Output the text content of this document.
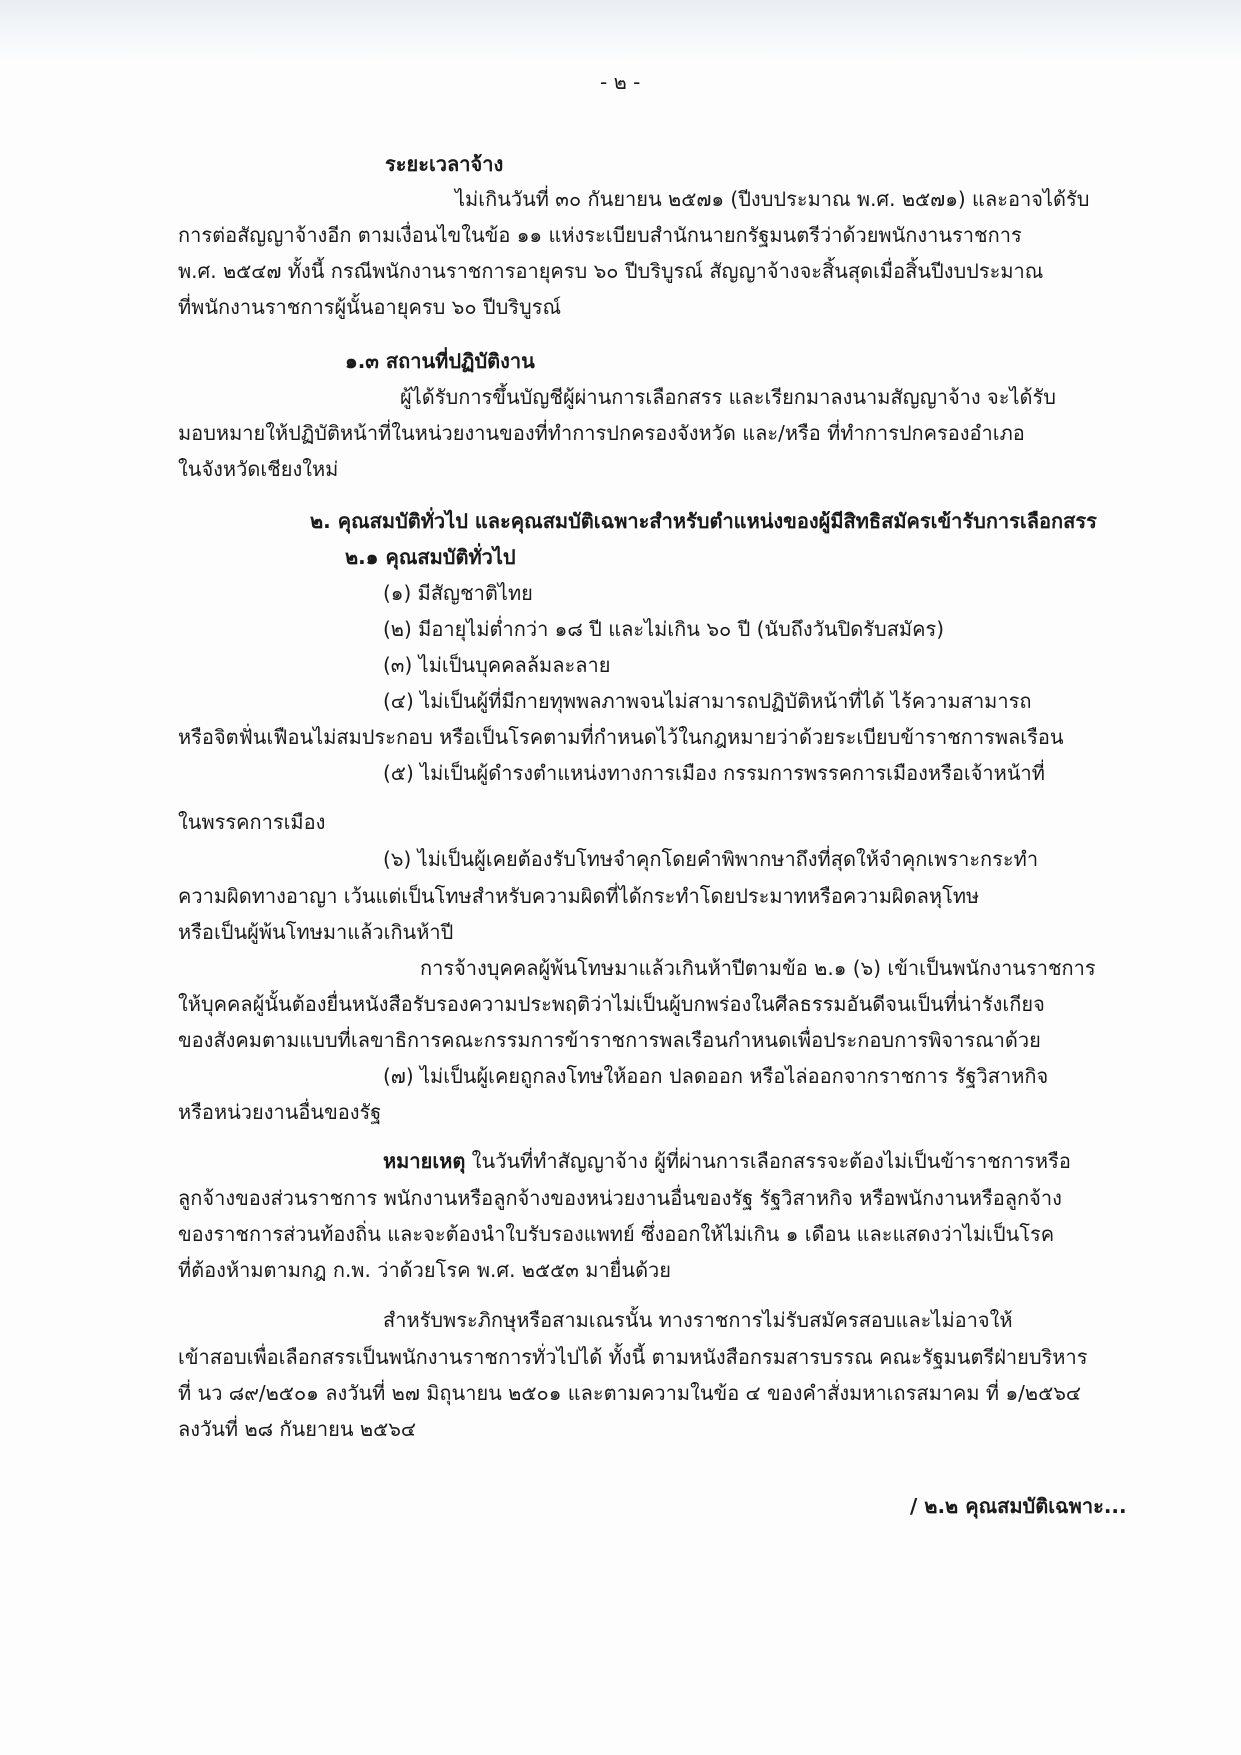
- ๒ -
ระยะเวลาจ้าง
ไม่เกินวันที่ ๓๐ กันยายน ๒๕๗๑ (ปีงบประมาณ พ.ศ. ๒๕๗๑) และอาจได้รับ
การต่อสัญญาจ้างอีก ตามเงื่อนไขในข้อ ๑๑ แห่งระเบียบสำนักนายกรัฐมนตรีว่าด้วยพนักงานราชการ
พ.ศ. ๒๕๔๗ ทั้งนี้ กรณีพนักงานราชการอายุครบ ๖๐ ปีบริบูรณ์ สัญญาจ้างจะสิ้นสุดเมื่อสิ้นปีงบประมาณ
ที่พนักงานราชการผู้นั้นอายุครบ ๖๐ ปีบริบูรณ์
๑.๓ สถานที่ปฏิบัติงาน
ผู้ได้รับการขึ้นบัญชีผู้ผ่านการเลือกสรร และเรียกมาลงนามสัญญาจ้าง จะได้รับ
มอบหมายให้ปฏิบัติหน้าที่ในหน่วยงานของที่ทำการปกครองจังหวัด และ/หรือ ที่ทำการปกครองอำเภอ
ในจังหวัดเชียงใหม่
๒. คุณสมบัติทั่วไป และคุณสมบัติเฉพาะสำหรับตำแหน่งของผู้มีสิทธิสมัครเข้ารับการเลือกสรร
๒.๑ คุณสมบัติทั่วไป
(๑) มีสัญชาติไทย
(๒) มีอายุไม่ต่ำกว่า ๑๘ ปี และไม่เกิน ๖๐ ปี (นับถึงวันปิดรับสมัคร)
(๓) ไม่เป็นบุคคลล้มละลาย
(๔) ไม่เป็นผู้ที่มีกายทุพพลภาพจนไม่สามารถปฏิบัติหน้าที่ได้ ไร้ความสามารถ
หรือจิตฟั่นเฟือนไม่สมประกอบ หรือเป็นโรคตามที่กำหนดไว้ในกฎหมายว่าด้วยระเบียบข้าราชการพลเรือน
(๕) ไม่เป็นผู้ดำรงตำแหน่งทางการเมือง กรรมการพรรคการเมืองหรือเจ้าหน้าที่
ในพรรคการเมือง
(๖) ไม่เป็นผู้เคยต้องรับโทษจำคุกโดยคำพิพากษาถึงที่สุดให้จำคุกเพราะกระทำ
ความผิดทางอาญา เว้นแต่เป็นโทษสำหรับความผิดที่ได้กระทำโดยประมาทหรือความผิดลหุโทษ
หรือเป็นผู้พ้นโทษมาแล้วเกินห้าปี
การจ้างบุคคลผู้พ้นโทษมาแล้วเกินห้าปีตามข้อ ๒.๑ (๖) เข้าเป็นพนักงานราชการ
ให้บุคคลผู้นั้นต้องยื่นหนังสือรับรองความประพฤติว่าไม่เป็นผู้บกพร่องในศีลธรรมอันดีจนเป็นที่น่ารังเกียจ
ของสังคมตามแบบที่เลขาธิการคณะกรรมการข้าราชการพลเรือนกำหนดเพื่อประกอบการพิจารณาด้วย
(๗) ไม่เป็นผู้เคยถูกลงโทษให้ออก ปลดออก หรือไล่ออกจากราชการ รัฐวิสาหกิจ
หรือหน่วยงานอื่นของรัฐ
หมายเหตุ ในวันที่ทำสัญญาจ้าง ผู้ที่ผ่านการเลือกสรรจะต้องไม่เป็นข้าราชการหรือ
ลูกจ้างของส่วนราชการ พนักงานหรือลูกจ้างของหน่วยงานอื่นของรัฐ รัฐวิสาหกิจ หรือพนักงานหรือลูกจ้าง
ของราชการส่วนท้องถิ่น และจะต้องนำใบรับรองแพทย์ ซึ่งออกให้ไม่เกิน ๑ เดือน และแสดงว่าไม่เป็นโรค
ที่ต้องห้ามตามกฎ ก.พ. ว่าด้วยโรค พ.ศ. ๒๕๕๓ มายื่นด้วย
สำหรับพระภิกษุหรือสามเณรนั้น ทางราชการไม่รับสมัครสอบและไม่อาจให้
เข้าสอบเพื่อเลือกสรรเป็นพนักงานราชการทั่วไปได้ ทั้งนี้ ตามหนังสือกรมสารบรรณ คณะรัฐมนตรีฝ่ายบริหาร
ที่ นว ๘๙/๒๕๐๑ ลงวันที่ ๒๗ มิถุนายน ๒๕๐๑ และตามความในข้อ ๔ ของคำสั่งมหาเถรสมาคม ที่ ๑/๒๕๖๔
ลงวันที่ ๒๘ กันยายน ๒๕๖๔
/ ๒.๒ คุณสมบัติเฉพาะ...
